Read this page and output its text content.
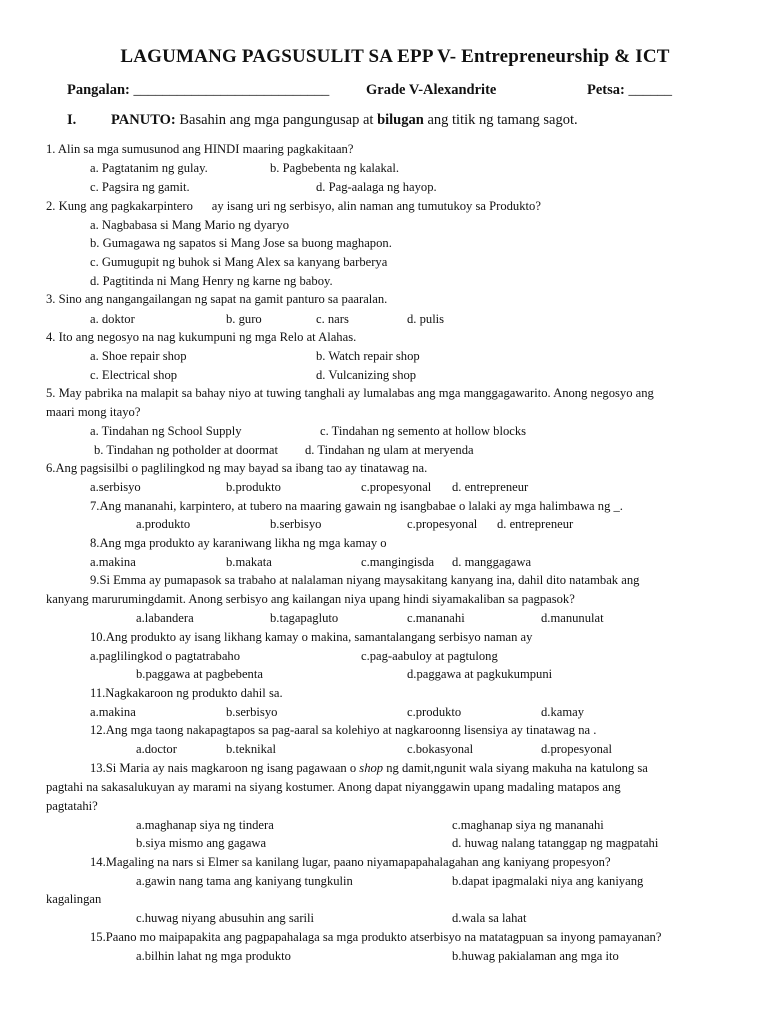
LAGUMANG PAGSUSULIT SA EPP V- Entrepreneurship & ICT
Pangalan: ___________________________	Grade V-Alexandrite	Petsa: ______
I. PANUTO: Basahin ang mga pangungusap at bilugan ang titik ng tamang sagot.
1. Alin sa mga sumusunod ang HINDI maaring pagkakitaan?
a. Pagtatanim ng gulay.	b. Pagbebenta ng kalakal.
c. Pagsira ng gamit.	d. Pag-aalaga ng hayop.
2. Kung ang pagkakarpintero      ay isang uri ng serbisyo, alin naman ang tumutukoy sa Produkto?
a. Nagbabasa si Mang Mario ng dyaryo
b. Gumagawa ng sapatos si Mang Jose sa buong maghapon.
c. Gumugupit ng buhok si Mang Alex sa kanyang barberya
d. Pagtitinda ni Mang Henry ng karne ng baboy.
3. Sino ang nangangailangan ng sapat na gamit panturo sa paaralan.
a. doktor	b. guro	c. nars	d. pulis
4. Ito ang negosyo na nag kukumpuni ng mga Relo at Alahas.
a. Shoe repair shop	b. Watch repair shop
c. Electrical shop	d. Vulcanizing shop
5. May pabrika na malapit sa bahay niyo at tuwing tanghali ay lumalabas ang mga manggagawarito. Anong negosyo ang
maari mong itayo?
a. Tindahan ng School Supply	c. Tindahan ng semento at hollow blocks
b. Tindahan ng potholder at doormat d. Tindahan ng ulam at meryenda
6.Ang pagsisilbi o paglilingkod ng may bayad sa ibang tao ay tinatawag na.
a.serbisyo	b.produkto	c.propesyonal d. entrepreneur
7.Ang mananahi, karpintero, at tubero na maaring gawain ng isangbabae o lalaki ay mga halimbawa ng _.
a.produkto	b.serbisyo	c.propesyonal d. entrepreneur
8.Ang mga produkto ay karaniwang likha ng mga kamay o
a.makina	b.makata	c.mangingisda d. manggagawa
9.Si Emma ay pumapasok sa trabaho at nalalaman niyang maysakitang kanyang ina, dahil dito natambak ang
kanyang marurumingdamit. Anong serbisyo ang kailangan niya upang hindi siyamakaliban sa pagpasok?
a.labandera	b.tagapagluto	c.mananahi	d.manunulat
10.Ang produkto ay isang likhang kamay o makina, samantalangang serbisyo naman ay
a.paglilingkod o pagtatrabaho	c.pag-aabuloy at pagtulong
b.paggawa at pagbebenta	d.paggawa at pagkukumpuni
11.Nagkakaroon ng produkto dahil sa.
a.makina	b.serbisyo	c.produkto	d.kamay
12.Ang mga taong nakapagtapos sa pag-aaral sa kolehiyo at nagkaroonng lisensiya ay tinatawag na .
a.doctor	b.teknikal	c.bokasyonal	d.propesyonal
13.Si Maria ay nais magkaroon ng isang pagawaan o shop ng damit,ngunit wala siyang makuha na katulong sa
pagtahi na sakasalukuyan ay marami na siyang kostumer. Anong dapat niyanggawin upang madaling matapos ang
pagtatahi?
a.maghanap siya ng tindera	c.maghanap siya ng mananahi
b.siya mismo ang gagawa	d. huwag nalang tatanggap ng magpatahi
14.Magaling na nars si Elmer sa kanilang lugar, paano niyamapapahalagahan ang kaniyang propesyon?
a.gawin nang tama ang kaniyang tungkulin	b.dapat ipagmalaki niya ang kaniyang
kagalingan
c.huwag niyang abusuhin ang sarili	d.wala sa lahat
15.Paano mo maipapakita ang pagpapahalaga sa mga produkto atserbisyo na matatagpuan sa inyong pamayanan?
a.bilhin lahat ng mga produkto	b.huwag pakialaman ang mga ito
